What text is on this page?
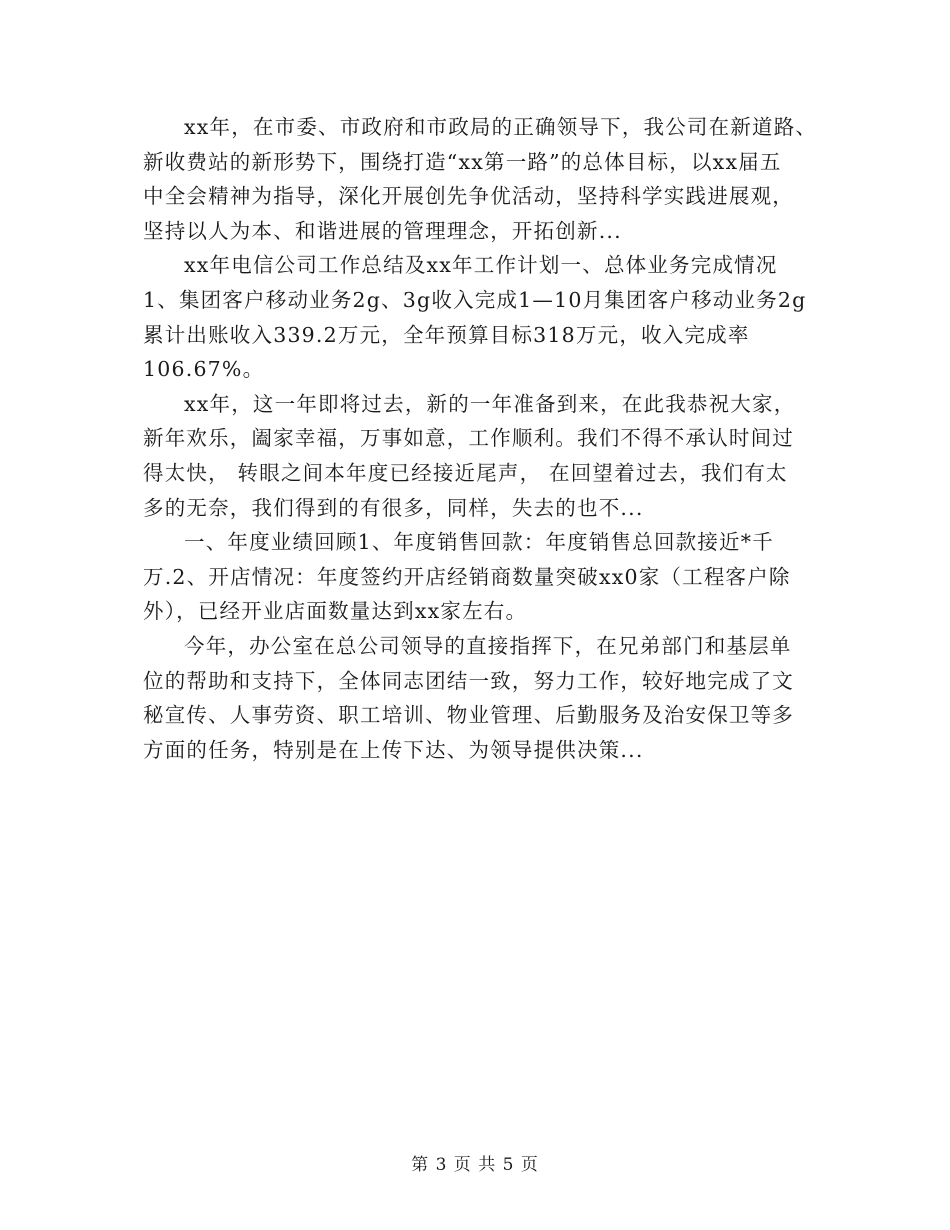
xx年，在市委、市政府和市政局的正确领导下，我公司在新道路、
新收费站的新形势下，围绕打造“xx第一路”的总体目标，以xx届五
中全会精神为指导，深化开展创先争优活动，坚持科学实践进展观，
坚持以人为本、和谐进展的管理理念，开拓创新...
xx年电信公司工作总结及xx年工作计划一、总体业务完成情况
1、集团客户移动业务2g、3g收入完成1—10月集团客户移动业务2g
累计出账收入339.2万元，全年预算目标318万元，收入完成率
106.67%。
xx年，这一年即将过去，新的一年准备到来，在此我恭祝大家，
新年欢乐，阖家幸福，万事如意，工作顺利。我们不得不承认时间过
得太快， 转眼之间本年度已经接近尾声， 在回望着过去，我们有太
多的无奈，我们得到的有很多，同样，失去的也不...
一、年度业绩回顾1、年度销售回款：年度销售总回款接近*千
万.2、开店情况：年度签约开店经销商数量突破xx0家（工程客户除
外），已经开业店面数量达到xx家左右。
今年，办公室在总公司领导的直接指挥下，在兄弟部门和基层单
位的帮助和支持下，全体同志团结一致，努力工作，较好地完成了文
秘宣传、人事劳资、职工培训、物业管理、后勤服务及治安保卫等多
方面的任务，特别是在上传下达、为领导提供决策...
第 3 页 共 5 页
